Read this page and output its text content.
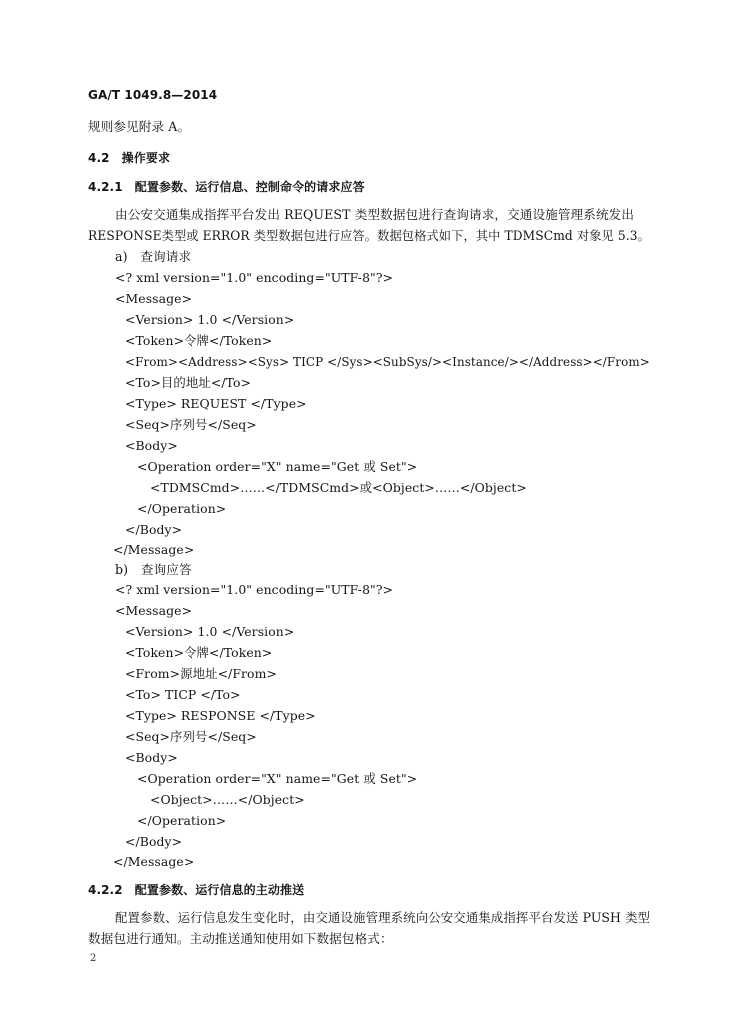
GA/T 1049.8—2014
规则参见附录 A。
4.2　 操作要求
4.2.1　 配置参数、运行信息、控制命令的请求应答
由公安交通集成指挥平台发出 REQUEST 类型数据包进行查询请求，交通设施管理系统发出
RESPONSE类型或 ERROR 类型数据包进行应答。数据包格式如下，其中 TDMSCmd 对象见 5.3。
a)　查询请求
<? xml version="1.0" encoding="UTF-8"?>
<Message>
<Version> 1.0 </Version>
<Token>令牌</Token>
<From><Address><Sys> TICP </Sys><SubSys/><Instance/></Address></From>
<To>目的地址</To>
<Type> REQUEST </Type>
<Seq>序列号</Seq>
<Body>
<Operation order="X" name="Get 或 Set">
<TDMSCmd>……</TDMSCmd>或<Object>……</Object>
</Operation>
</Body>
</Message>
b)　查询应答
<? xml version="1.0" encoding="UTF-8"?>
<Message>
<Version> 1.0 </Version>
<Token>令牌</Token>
<From>源地址</From>
<To> TICP </To>
<Type> RESPONSE </Type>
<Seq>序列号</Seq>
<Body>
<Operation order="X" name="Get 或 Set">
<Object>……</Object>
</Operation>
</Body>
</Message>
4.2.2　 配置参数、运行信息的主动推送
配置参数、运行信息发生变化时，由交通设施管理系统向公安交通集成指挥平台发送 PUSH 类型
数据包进行通知。主动推送通知使用如下数据包格式：
2
